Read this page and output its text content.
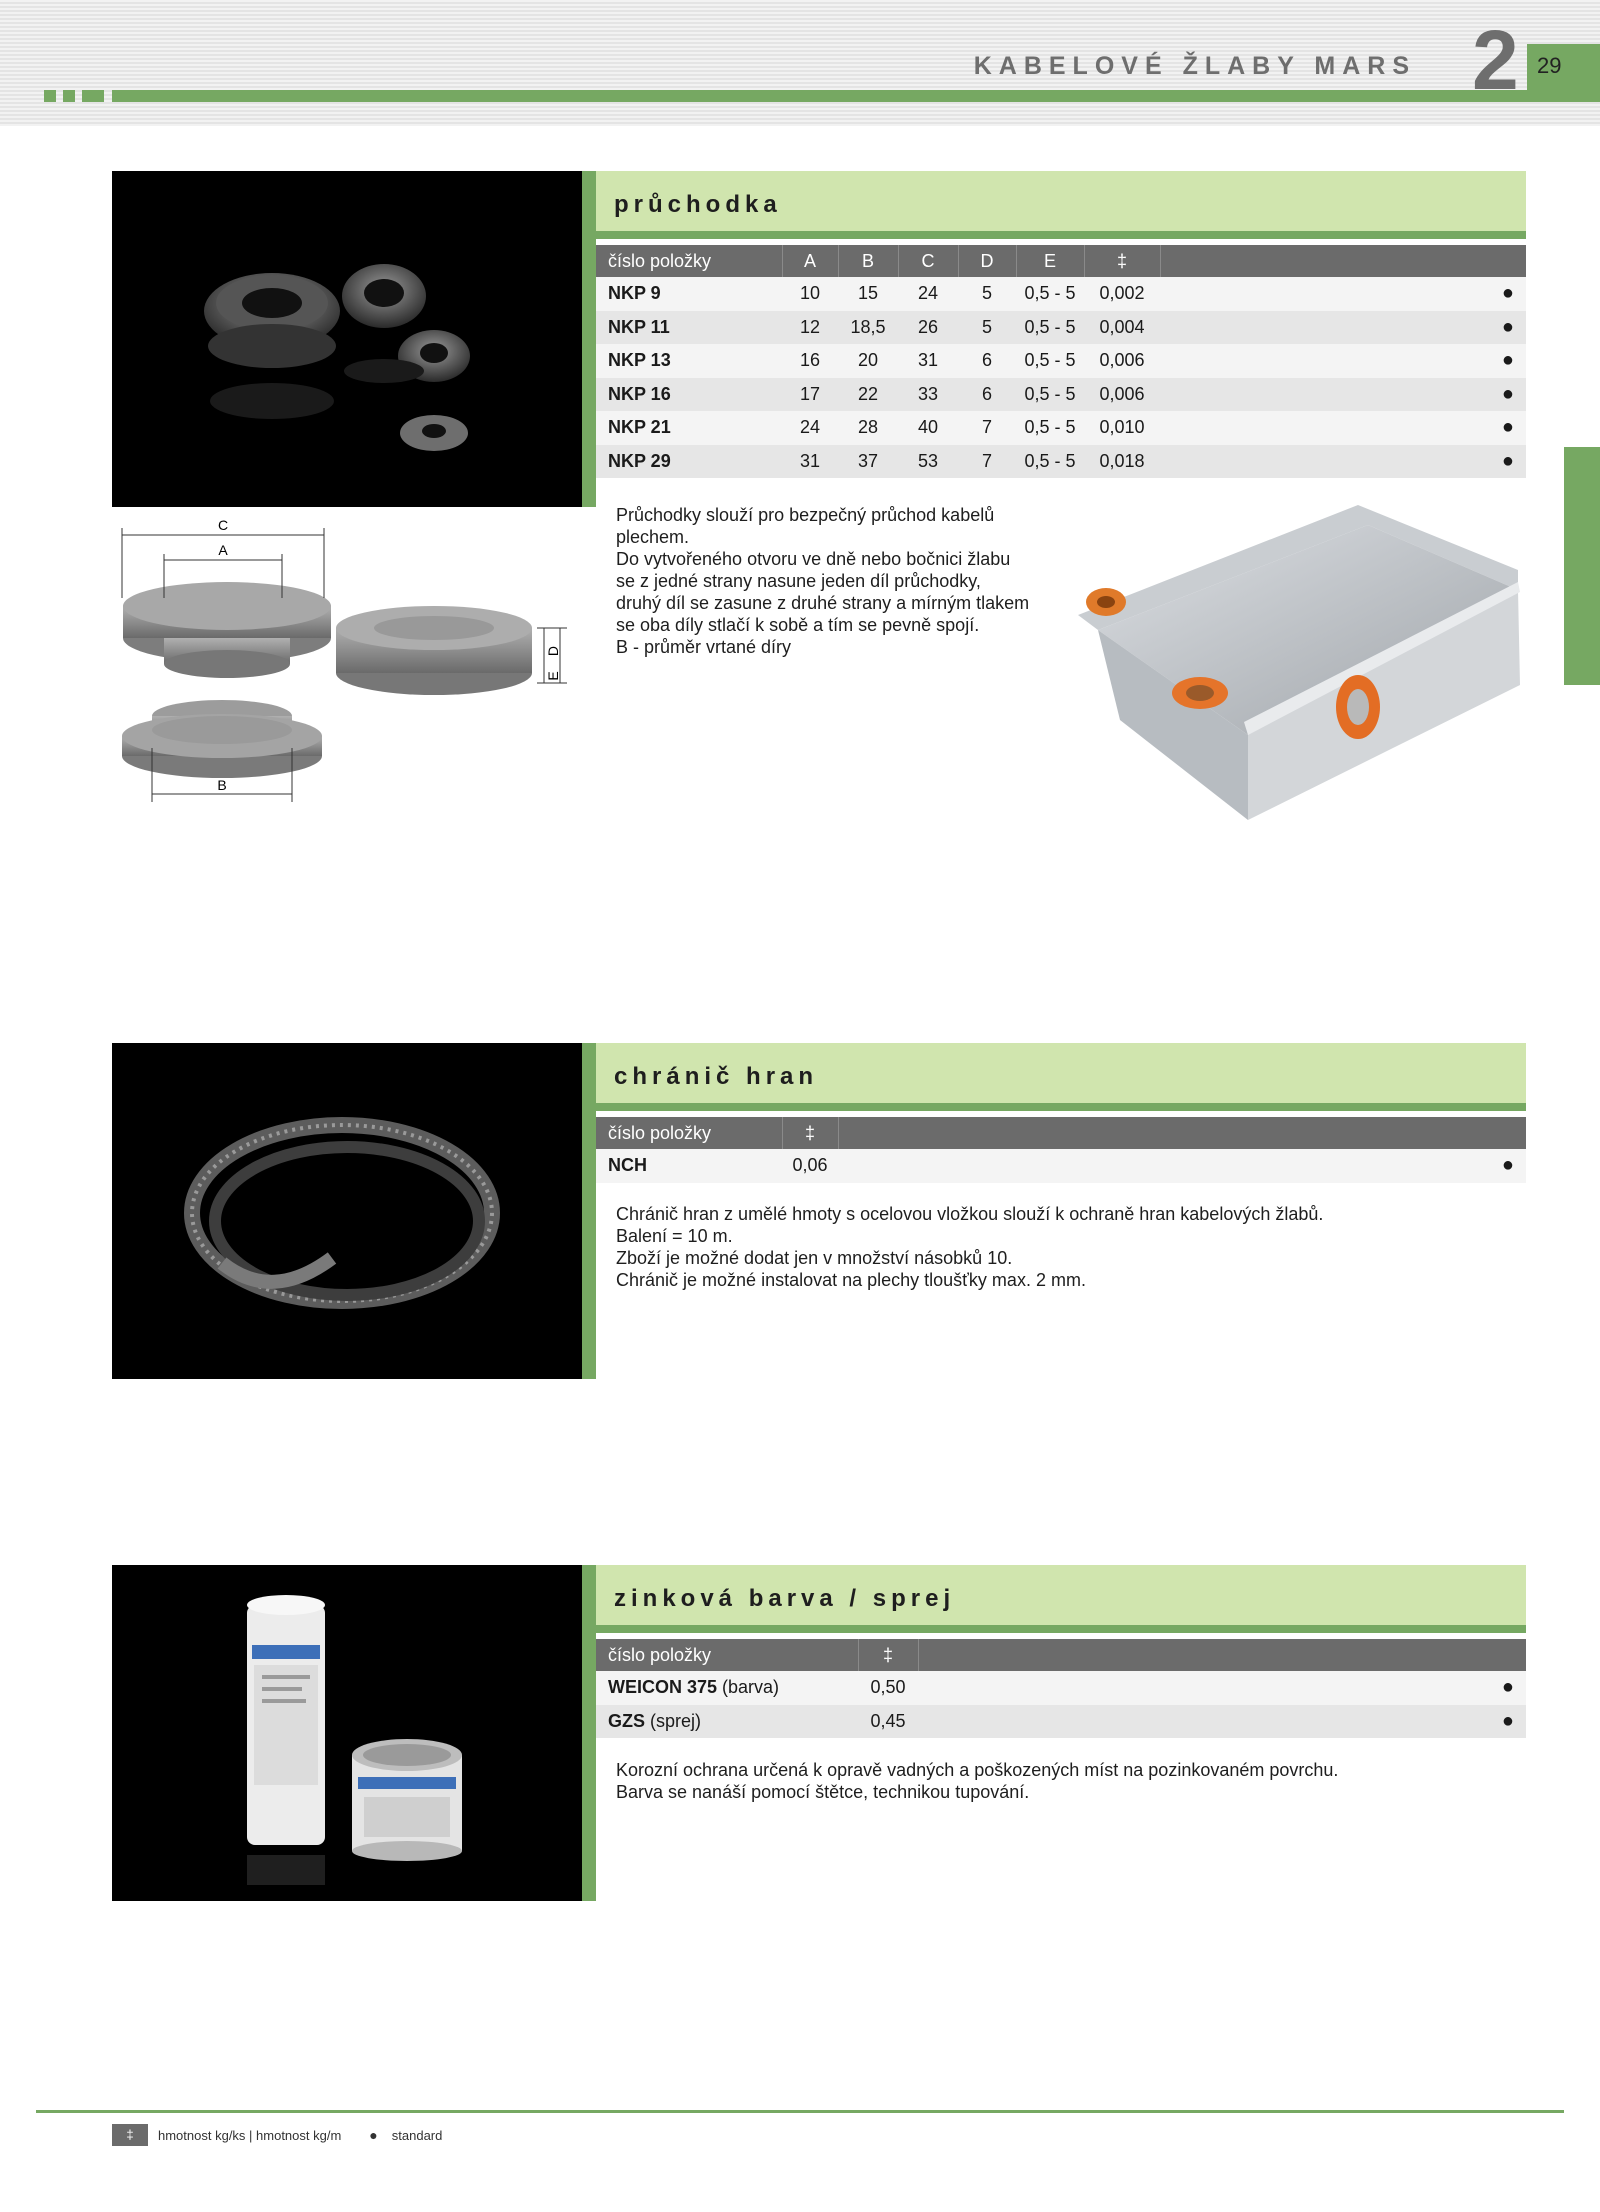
KABELOVÉ ŽLABY MARS 2 29
průchodka
číslo položky	A	B	C	D	E	‡	
NKP 9	10	15	24	5	0,5 - 5	0,002	●
NKP 11	12	18,5	26	5	0,5 - 5	0,004	●
NKP 13	16	20	31	6	0,5 - 5	0,006	●
NKP 16	17	22	33	6	0,5 - 5	0,006	●
NKP 21	24	28	40	7	0,5 - 5	0,010	●
NKP 29	31	37	53	7	0,5 - 5	0,018	●
C
A
B
D
E

Průchodky slouží pro bezpečný průchod kabelů

plechem.

Do vytvořeného otvoru ve dně nebo bočnici žlabu

se z jedné strany nasune jeden díl průchodky,

druhý díl se zasune z druhé strany a mírným tlakem

se oba díly stlačí k sobě a tím se pevně spojí.

B - průměr vrtané díry

chránič hran
číslo položky	‡	
NCH	0,06	●

Chránič hran z umělé hmoty s ocelovou vložkou slouží k ochraně hran kabelových žlabů.

Balení = 10 m.

Zboží je možné dodat jen v množství násobků 10.

Chránič je možné instalovat na plechy tloušťky max. 2 mm.

zinková barva / sprej
číslo položky	‡	
WEICON 375 (barva)	0,50	●
GZS (sprej)	0,45	●

Korozní ochrana určená k opravě vadných a poškozených míst na pozinkovaném povrchu.

Barva se nanáší pomocí štětce, technikou tupování.

‡	hmotnost kg/ks | hmotnost kg/m ● standard
